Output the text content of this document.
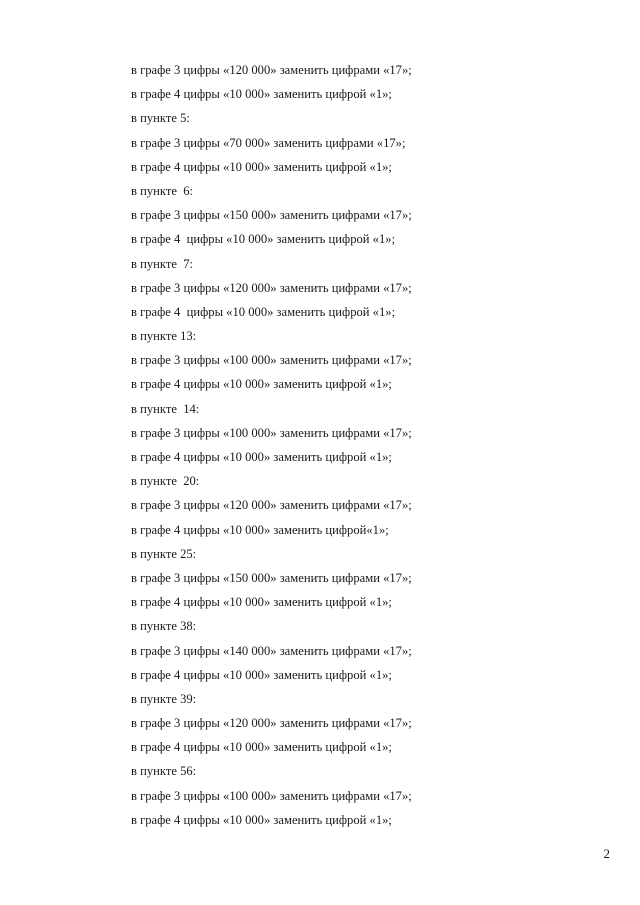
в графе 3 цифры «120 000» заменить цифрами «17»;
в графе 4 цифры «10 000» заменить цифрой «1»;
в пункте 5:
в графе 3 цифры «70 000» заменить цифрами «17»;
в графе 4 цифры «10 000» заменить цифрой «1»;
в пункте  6:
в графе 3 цифры «150 000» заменить цифрами «17»;
в графе 4  цифры «10 000» заменить цифрой «1»;
в пункте  7:
в графе 3 цифры «120 000» заменить цифрами «17»;
в графе 4  цифры «10 000» заменить цифрой «1»;
в пункте 13:
в графе 3 цифры «100 000» заменить цифрами «17»;
в графе 4 цифры «10 000» заменить цифрой «1»;
в пункте  14:
в графе 3 цифры «100 000» заменить цифрами «17»;
в графе 4 цифры «10 000» заменить цифрой «1»;
в пункте  20:
в графе 3 цифры «120 000» заменить цифрами «17»;
в графе 4 цифры «10 000» заменить цифрой«1»;
в пункте 25:
в графе 3 цифры «150 000» заменить цифрами «17»;
в графе 4 цифры «10 000» заменить цифрой «1»;
в пункте 38:
в графе 3 цифры «140 000» заменить цифрами «17»;
в графе 4 цифры «10 000» заменить цифрой «1»;
в пункте 39:
в графе 3 цифры «120 000» заменить цифрами «17»;
в графе 4 цифры «10 000» заменить цифрой «1»;
в пункте 56:
в графе 3 цифры «100 000» заменить цифрами «17»;
в графе 4 цифры «10 000» заменить цифрой «1»;
2
